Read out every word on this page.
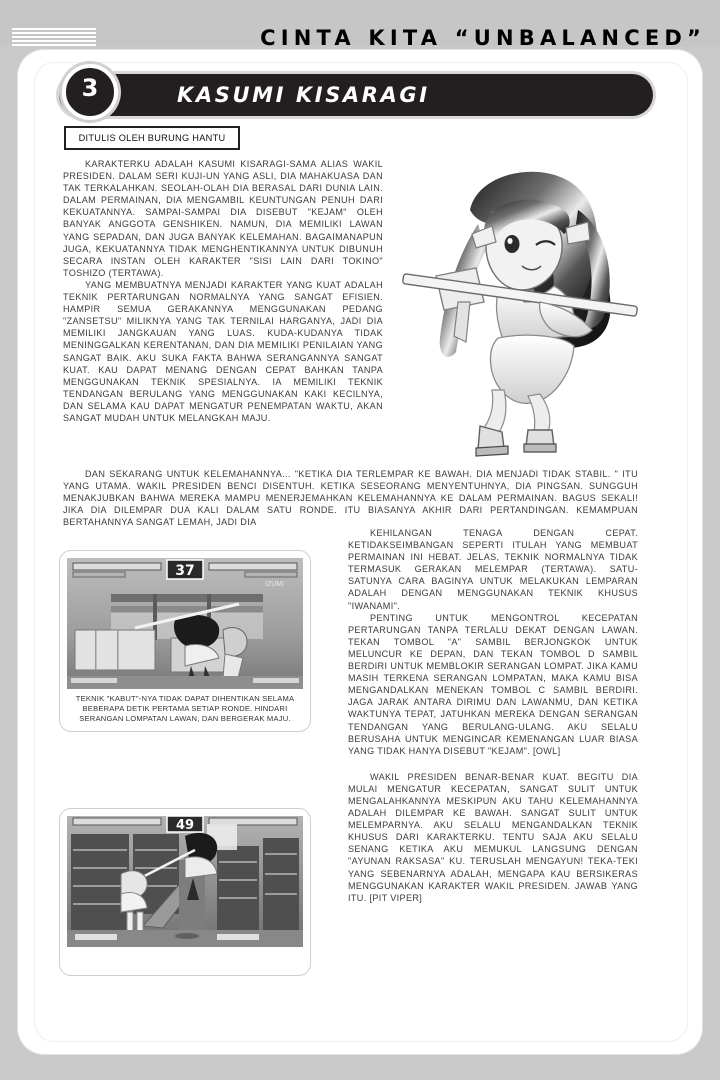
CINTA KITA “UNBALANCED”
KASUMI KISARAGI
3
DITULIS OLEH BURUNG HANTU

KARAKTERKU ADALAH KASUMI KISARAGI-SAMA ALIAS WAKIL PRESIDEN. DALAM SERI KUJI-UN YANG ASLI, DIA MAHAKUASA DAN TAK TERKALAHKAN. SEOLAH-OLAH DIA BERASAL DARI DUNIA LAIN. DALAM PERMAINAN, DIA MENGAMBIL KEUNTUNGAN PENUH DARI KEKUATANNYA. SAMPAI-SAMPAI DIA DISEBUT "KEJAM" OLEH BANYAK ANGGOTA GENSHIKEN. NAMUN, DIA MEMILIKI LAWAN YANG SEPADAN, DAN JUGA BANYAK KELEMAHAN. BAGAIMANAPUN JUGA, KEKUATANNYA TIDAK MENGHENTIKANNYA UNTUK DIBUNUH SECARA INSTAN OLEH KARAKTER "SISI LAIN DARI TOKINO" TOSHIZO (TERTAWA).

YANG MEMBUATNYA MENJADI KARAKTER YANG KUAT ADALAH TEKNIK PERTARUNGAN NORMALNYA YANG SANGAT EFISIEN. HAMPIR SEMUA GERAKANNYA MENGGUNAKAN PEDANG "ZANSETSU" MILIKNYA YANG TAK TERNILAI HARGANYA, JADI DIA MEMILIKI JANGKAUAN YANG LUAS. KUDA-KUDANYA TIDAK MENINGGALKAN KERENTANAN, DAN DIA MEMILIKI PENILAIAN YANG SANGAT BAIK. AKU SUKA FAKTA BAHWA SERANGANNYA SANGAT KUAT. KAU DAPAT MENANG DENGAN CEPAT BAHKAN TANPA MENGGUNAKAN TEKNIK SPESIALNYA. IA MEMILIKI TEKNIK TENDANGAN BERULANG YANG MENGGUNAKAN KAKI KECILNYA, DAN SELAMA KAU DAPAT MENGATUR PENEMPATAN WAKTU, AKAN SANGAT MUDAH UNTUK MELANGKAH MAJU.

DAN SEKARANG UNTUK KELEMAHANNYA... "KETIKA DIA TERLEMPAR KE BAWAH. DIA MENJADI TIDAK STABIL. " ITU YANG UTAMA. WAKIL PRESIDEN BENCI DISENTUH. KETIKA SESEORANG MENYENTUHNYA, DIA PINGSAN. SUNGGUH MENAKJUBKAN BAHWA MEREKA MAMPU MENERJEMAHKAN KELEMAHANNYA KE DALAM PERMAINAN. BAGUS SEKALI! JIKA DIA DILEMPAR DUA KALI DALAM SATU RONDE. ITU BIASANYA AKHIR DARI PERTANDINGAN. KEMAMPUAN BERTAHANNYA SANGAT LEMAH, JADI DIA

KEHILANGAN TENAGA DENGAN CEPAT. KETIDAKSEIMBANGAN SEPERTI ITULAH YANG MEMBUAT PERMAINAN INI HEBAT. JELAS, TEKNIK NORMALNYA TIDAK TERMASUK GERAKAN MELEMPAR (TERTAWA). SATU-SATUNYA CARA BAGINYA UNTUK MELAKUKAN LEMPARAN ADALAH DENGAN MENGGUNAKAN TEKNIK KHUSUS "IWANAMI".

PENTING UNTUK MENGONTROL KECEPATAN PERTARUNGAN TANPA TERLALU DEKAT DENGAN LAWAN. TEKAN TOMBOL "A" SAMBIL BERJONGKOK UNTUK MELUNCUR KE DEPAN, DAN TEKAN TOMBOL D SAMBIL BERDIRI UNTUK MEMBLOKIR SERANGAN LOMPAT. JIKA KAMU MASIH TERKENA SERANGAN LOMPATAN, MAKA KAMU BISA MENGANDALKAN MENEKAN TOMBOL C SAMBIL BERDIRI. JAGA JARAK ANTARA DIRIMU DAN LAWANMU, DAN KETIKA WAKTUNYA TEPAT, JATUHKAN MEREKA DENGAN SERANGAN TENDANGAN YANG BERULANG-ULANG. AKU SELALU BERUSAHA UNTUK MENGINCAR KEMENANGAN LUAR BIASA YANG TIDAK HANYA DISEBUT "KEJAM". [OWL]

WAKIL PRESIDEN BENAR-BENAR KUAT. BEGITU DIA MULAI MENGATUR KECEPATAN, SANGAT SULIT UNTUK MENGALAHKANNYA MESKIPUN AKU TAHU KELEMAHANNYA ADALAH DILEMPAR KE BAWAH. SANGAT SULIT UNTUK MELEMPARNYA. AKU SELALU MENGANDALKAN TEKNIK KHUSUS DARI KARAKTERKU. TENTU SAJA AKU SELALU SENANG KETIKA AKU MEMUKUL LANGSUNG DENGAN "AYUNAN RAKSASA" KU. TERUSLAH MENGAYUN! TEKA-TEKI YANG SEBENARNYA ADALAH, MENGAPA KAU BERSIKERAS MENGGUNAKAN KARAKTER WAKIL PRESIDEN. JAWAB YANG ITU. [PIT VIPER]

37
IZUMI
TEKNIK "KABUT"-NYA TIDAK DAPAT DIHENTIKAN SELAMA BEBERAPA DETIK PERTAMA SETIAP RONDE. HINDARI SERANGAN LOMPATAN LAWAN, DAN BERGERAK MAJU.
49
